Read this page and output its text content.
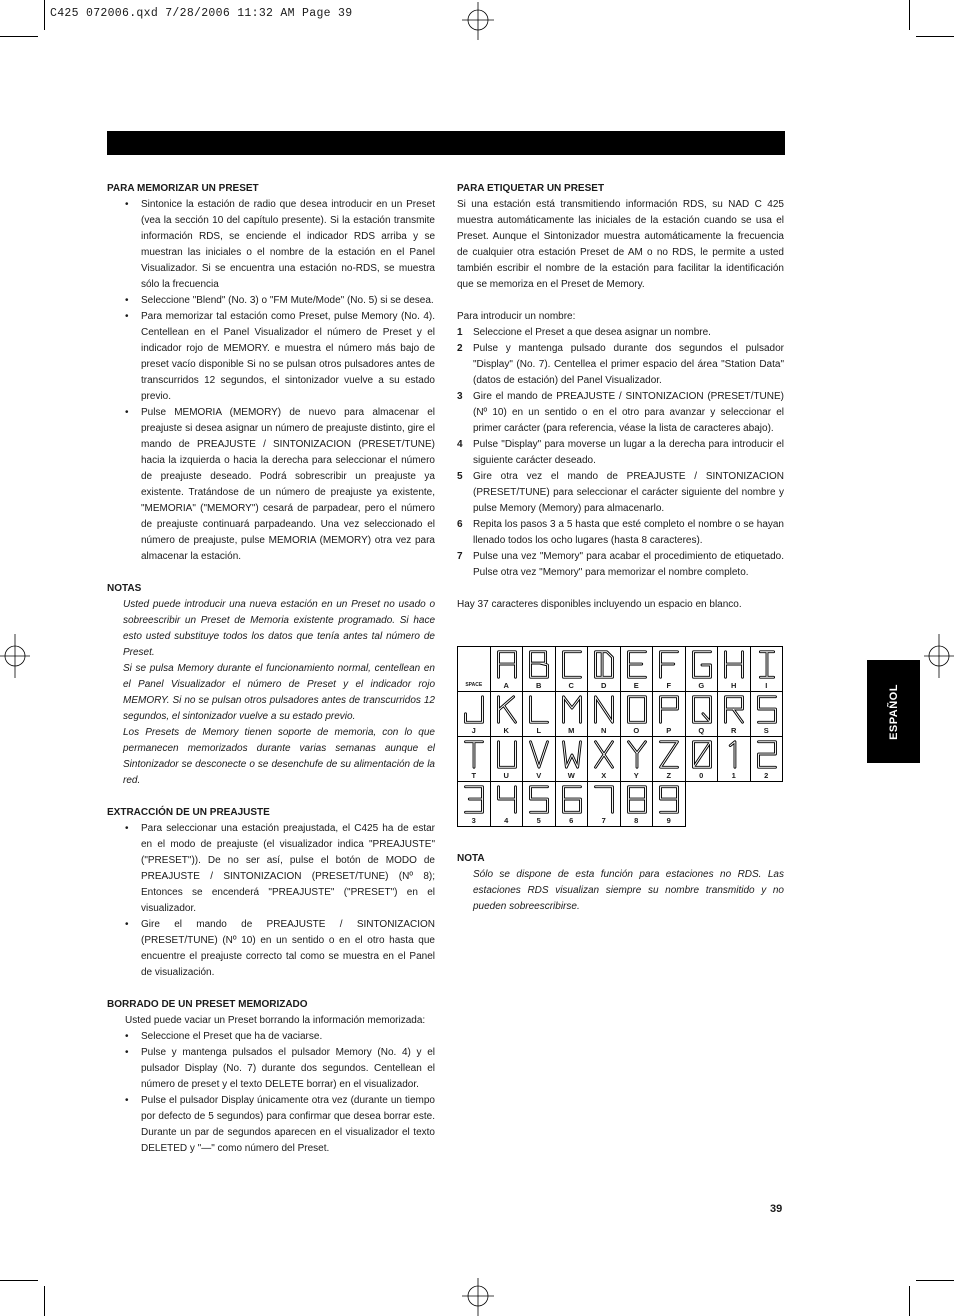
C425 072006.qxd 7/28/2006 11:32 AM Page 39
PARA MEMORIZAR UN PRESET
• Sintonice la estación de radio que desea introducir en un Preset (vea la sección 10 del capítulo presente). Si la estación transmite información RDS, se enciende el indicador RDS arriba y se muestran las iniciales o el nombre de la estación en el Panel Visualizador. Si se encuentra una estación no-RDS, se muestra sólo la frecuencia
• Seleccione "Blend" (No. 3) o "FM Mute/Mode" (No. 5) si se desea.
• Para memorizar tal estación como Preset, pulse Memory (No. 4). Centellean en el Panel Visualizador el número de Preset y el indicador rojo de MEMORY. e muestra el número más bajo de preset vacío disponible Si no se pulsan otros pulsadores antes de transcurridos 12 segundos, el sintonizador vuelve a su estado previo.
• Pulse MEMORIA (MEMORY) de nuevo para almacenar el preajuste si desea asignar un número de preajuste distinto, gire el mando de PREAJUSTE / SINTONIZACION (PRESET/TUNE) hacia la izquierda o hacia la derecha para seleccionar el número de preajuste deseado. Podrá sobrescribir un preajuste ya existente. Tratándose de un número de preajuste ya existente, "MEMORIA" ("MEMORY") cesará de parpadear, pero el número de preajuste continuará parpadeando. Una vez seleccionado el número de preajuste, pulse MEMORIA (MEMORY) otra vez para almacenar la estación.
NOTAS

Usted puede introducir una nueva estación en un Preset no usado o sobreescribir un Preset de Memoria existente programado. Si hace esto usted substituye todos los datos que tenía antes tal número de Preset.

Si se pulsa Memory durante el funcionamiento normal, centellean en el Panel Visualizador el número de Preset y el indicador rojo MEMORY. Si no se pulsan otros pulsadores antes de transcurridos 12 segundos, el sintonizador vuelve a su estado previo.

Los Presets de Memory tienen soporte de memoria, con lo que permanecen memorizados durante varias semanas aunque el Sintonizador se desconecte o se desenchufe de su alimentación de la red.

EXTRACCIÓN DE UN PREAJUSTE
• Para seleccionar una estación preajustada, el C425 ha de estar en el modo de preajuste (el visualizador indica "PREAJUSTE" ("PRESET")). De no ser así, pulse el botón de MODO de PREAJUSTE / SINTONIZACION (PRESET/TUNE) (Nº 8); Entonces se encenderá "PREAJUSTE" ("PRESET") en el visualizador.
• Gire el mando de PREAJUSTE / SINTONIZACION (PRESET/TUNE) (Nº 10) en un sentido o en el otro hasta que encuentre el preajuste correcto tal como se muestra en el Panel de visualización.
BORRADO DE UN PRESET MEMORIZADO

Usted puede vaciar un Preset borrando la información memorizada:

• Seleccione el Preset que ha de vaciarse.
• Pulse y mantenga pulsados el pulsador Memory (No. 4) y el pulsador Display (No. 7) durante dos segundos. Centellean el número de preset y el texto DELETE borrar) en el visualizador.
• Pulse el pulsador Display únicamente otra vez (durante un tiempo por defecto de 5 segundos) para confirmar que desea borrar este. Durante un par de segundos aparecen en el visualizador el texto DELETED y "—" como número del Preset.
PARA ETIQUETAR UN PRESET

Si una estación está transmitiendo información RDS, su NAD C 425 muestra automáticamente las iniciales de la estación cuando se usa el Preset. Aunque el Sintonizador muestra automáticamente la frecuencia de cualquier otra estación Preset de AM o no RDS, le permite a usted también escribir el nombre de la estación para facilitar la identificación que se memoriza en el Preset de Memory.

Para introducir un nombre:

1 Seleccione el Preset a que desea asignar un nombre.
2 Pulse y mantenga pulsado durante dos segundos el pulsador "Display" (No. 7). Centellea el primer espacio del área "Station Data" (datos de estación) del Panel Visualizador.
3 Gire el mando de PREAJUSTE / SINTONIZACION (PRESET/TUNE) (Nº 10) en un sentido o en el otro para avanzar y seleccionar el primer carácter (para referencia, véase la lista de caracteres abajo).
4 Pulse "Display" para moverse un lugar a la derecha para introducir el siguiente carácter deseado.
5 Gire otra vez el mando de PREAJUSTE / SINTONIZACION (PRESET/TUNE) para seleccionar el carácter siguiente del nombre y pulse Memory (Memory) para almacenarlo.
6 Repita los pasos 3 a 5 hasta que esté completo el nombre o se hayan llenado todos los ocho lugares (hasta 8 caracteres).
7 Pulse una vez "Memory" para acabar el procedimiento de etiquetado. Pulse otra vez "Memory" para memorizar el nombre completo.

Hay 37 caracteres disponibles incluyendo un espacio en blanco.

SPACE	A	B	C	D	E	F	G	H	I

J	K	L	M	N	O	P	Q	R	S

T	U	V	W	X	Y	Z	0	1	2

3	4	5	6	7	8	9			

NOTA

Sólo se dispone de esta función para estaciones no RDS. Las estaciones RDS visualizan siempre su nombre transmitido y no pueden sobreescribirse.

ESPAÑOL
39
